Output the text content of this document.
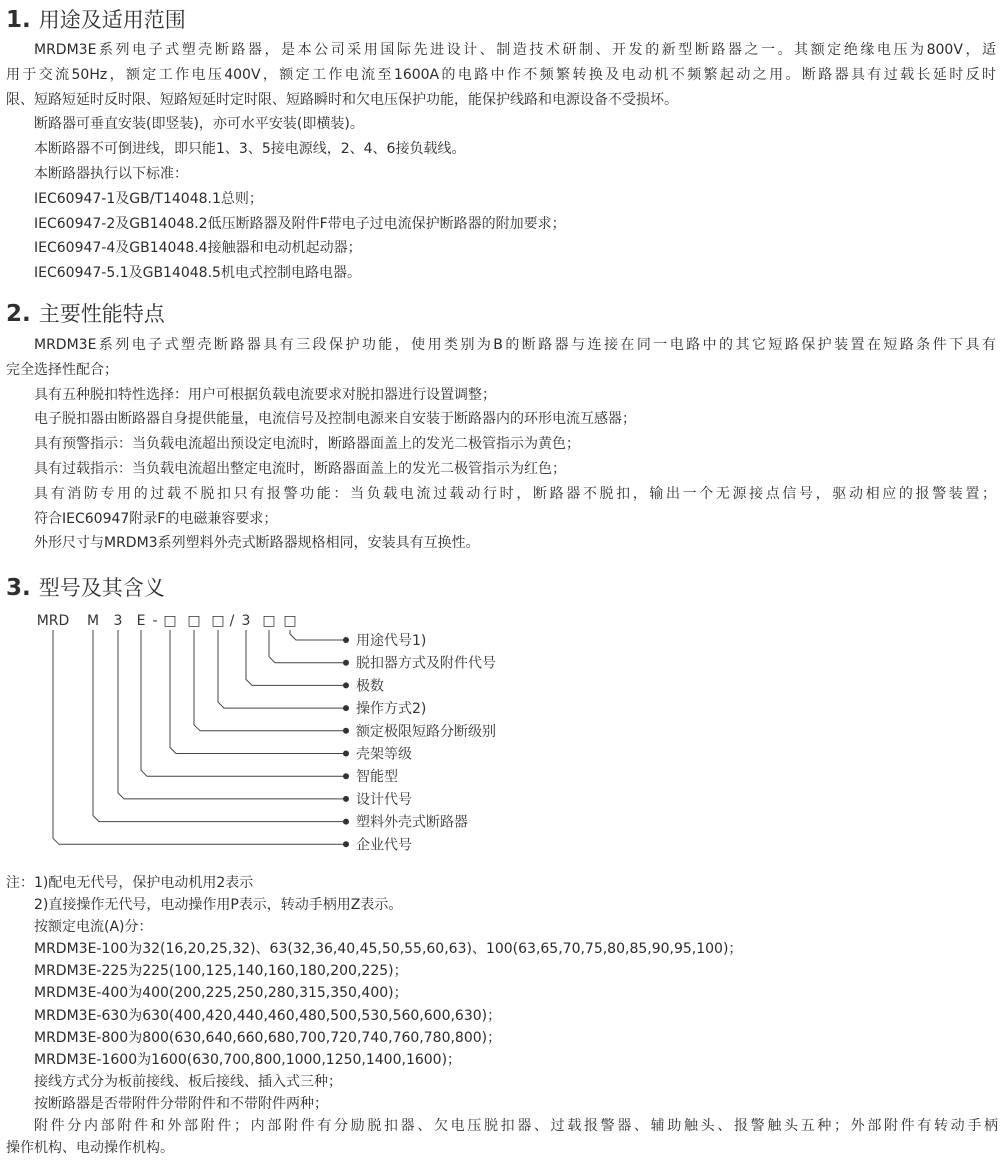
1. 用途及适用范围
MRDM3E系列电子式塑壳断路器，是本公司采用国际先进设计、制造技术研制、开发的新型断路器之一。其额定绝缘电压为800V，适
用于交流50Hz，额定工作电压400V，额定工作电流至1600A的电路中作不频繁转换及电动机不频繁起动之用。断路器具有过载长延时反时
限、短路短延时反时限、短路短延时定时限、短路瞬时和欠电压保护功能，能保护线路和电源设备不受损坏。
断路器可垂直安装(即竖装)，亦可水平安装(即横装)。
本断路器不可倒进线，即只能1、3、5接电源线，2、4、6接负载线。
本断路器执行以下标准：
IEC60947-1及GB/T14048.1总则；
IEC60947-2及GB14048.2低压断路器及附件F带电子过电流保护断路器的附加要求；
IEC60947-4及GB14048.4接触器和电动机起动器；
IEC60947-5.1及GB14048.5机电式控制电路电器。
2. 主要性能特点
MRDM3E系列电子式塑壳断路器具有三段保护功能，使用类别为B的断路器与连接在同一电路中的其它短路保护装置在短路条件下具有
完全选择性配合；
具有五种脱扣特性选择：用户可根据负载电流要求对脱扣器进行设置调整；
电子脱扣器由断路器自身提供能量，电流信号及控制电源来自安装于断路器内的环形电流互感器；
具有预警指示：当负载电流超出预设定电流时，断路器面盖上的发光二极管指示为黄色；
具有过载指示：当负载电流超出整定电流时，断路器面盖上的发光二极管指示为红色；
具有消防专用的过载不脱扣只有报警功能：当负载电流过载动行时，断路器不脱扣，输出一个无源接点信号，驱动相应的报警装置；
符合IEC60947附录F的电磁兼容要求；
外形尺寸与MRDM3系列塑料外壳式断路器规格相同，安装具有互换性。
3. 型号及其含义
MRD M 3 E - □ □ □ / 3 □ □
用途代号1)
脱扣器方式及附件代号
极数
操作方式2)
额定极限短路分断级别
壳架等级
智能型
设计代号
塑料外壳式断路器
企业代号
注：1)配电无代号，保护电动机用2表示
2)直接操作无代号，电动操作用P表示，转动手柄用Z表示。
按额定电流(A)分：
MRDM3E-100为32(16,20,25,32)、63(32,36,40,45,50,55,60,63)、100(63,65,70,75,80,85,90,95,100)；
MRDM3E-225为225(100,125,140,160,180,200,225)；
MRDM3E-400为400(200,225,250,280,315,350,400)；
MRDM3E-630为630(400,420,440,460,480,500,530,560,600,630)；
MRDM3E-800为800(630,640,660,680,700,720,740,760,780,800)；
MRDM3E-1600为1600(630,700,800,1000,1250,1400,1600)；
接线方式分为板前接线、板后接线、插入式三种；
按断路器是否带附件分带附件和不带附件两种；
附件分内部附件和外部附件；内部附件有分励脱扣器、欠电压脱扣器、过载报警器、辅助触头、报警触头五种；外部附件有转动手柄
操作机构、电动操作机构。
